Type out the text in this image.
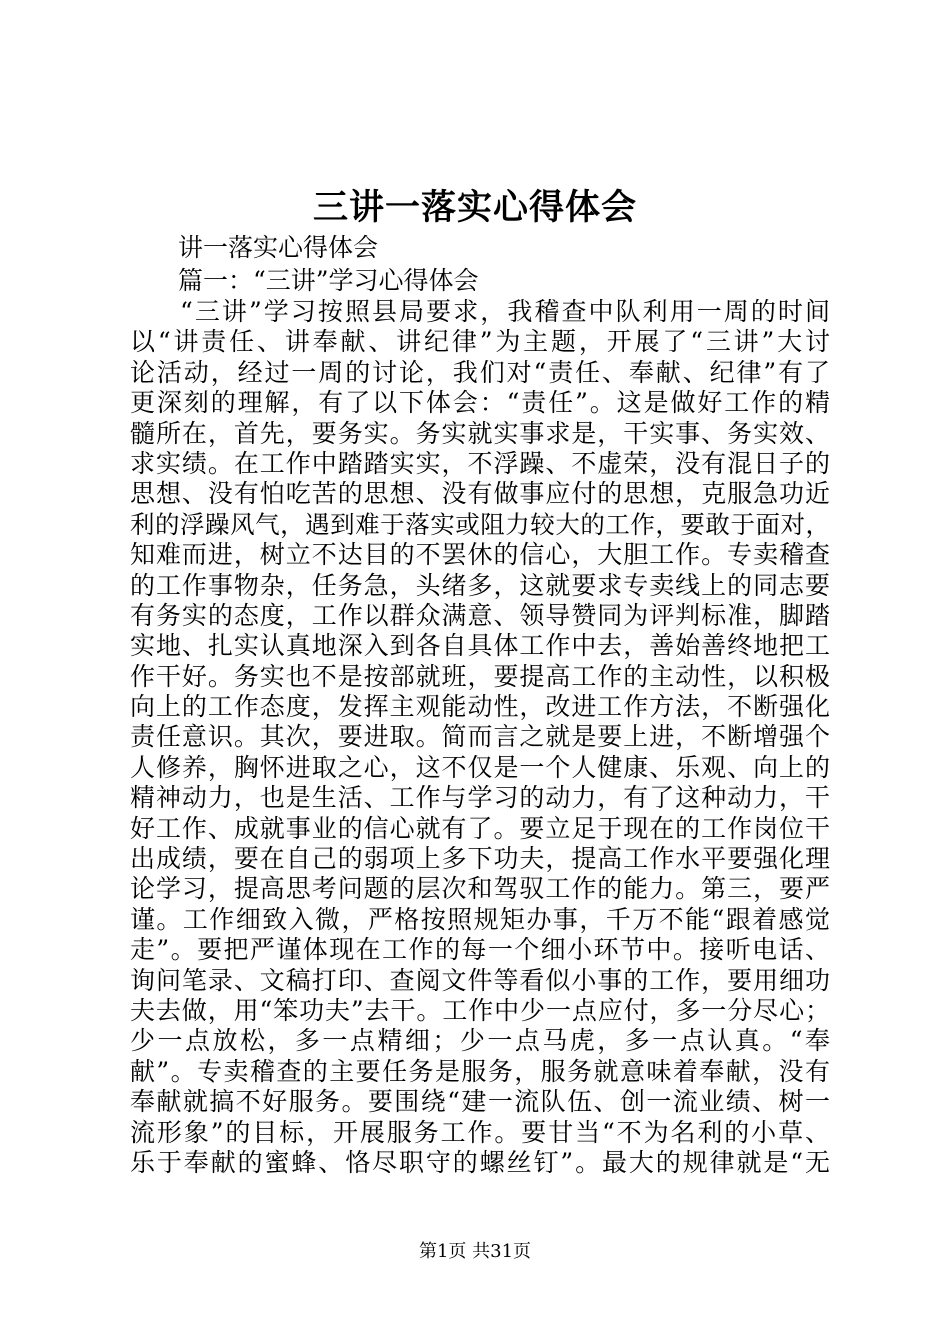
三讲一落实心得体会
讲一落实心得体会
篇一：“三讲”学习心得体会
“三讲”学习按照县局要求，我稽查中队利用一周的时间
以“讲责任、讲奉献、讲纪律”为主题，开展了“三讲”大讨
论活动，经过一周的讨论，我们对“责任、奉献、纪律”有了
更深刻的理解，有了以下体会：“责任”。这是做好工作的精
髓所在，首先，要务实。务实就实事求是，干实事、务实效、
求实绩。在工作中踏踏实实，不浮躁、不虚荣，没有混日子的
思想、没有怕吃苦的思想、没有做事应付的思想，克服急功近
利的浮躁风气，遇到难于落实或阻力较大的工作，要敢于面对，
知难而进，树立不达目的不罢休的信心，大胆工作。专卖稽查
的工作事物杂，任务急，头绪多，这就要求专卖线上的同志要
有务实的态度，工作以群众满意、领导赞同为评判标准，脚踏
实地、扎实认真地深入到各自具体工作中去，善始善终地把工
作干好。务实也不是按部就班，要提高工作的主动性，以积极
向上的工作态度，发挥主观能动性，改进工作方法，不断强化
责任意识。其次，要进取。简而言之就是要上进，不断增强个
人修养，胸怀进取之心，这不仅是一个人健康、乐观、向上的
精神动力，也是生活、工作与学习的动力，有了这种动力，干
好工作、成就事业的信心就有了。要立足于现在的工作岗位干
出成绩，要在自己的弱项上多下功夫，提高工作水平要强化理
论学习，提高思考问题的层次和驾驭工作的能力。第三，要严
谨。工作细致入微，严格按照规矩办事，千万不能“跟着感觉
走”。要把严谨体现在工作的每一个细小环节中。接听电话、
询问笔录、文稿打印、查阅文件等看似小事的工作，要用细功
夫去做，用“笨功夫”去干。工作中少一点应付，多一分尽心；
少一点放松，多一点精细；少一点马虎，多一点认真。“奉
献”。专卖稽查的主要任务是服务，服务就意味着奉献，没有
奉献就搞不好服务。要围绕“建一流队伍、创一流业绩、树一
流形象”的目标，开展服务工作。要甘当“不为名利的小草、
乐于奉献的蜜蜂、恪尽职守的螺丝钉”。最大的规律就是“无
第1页 共31页
